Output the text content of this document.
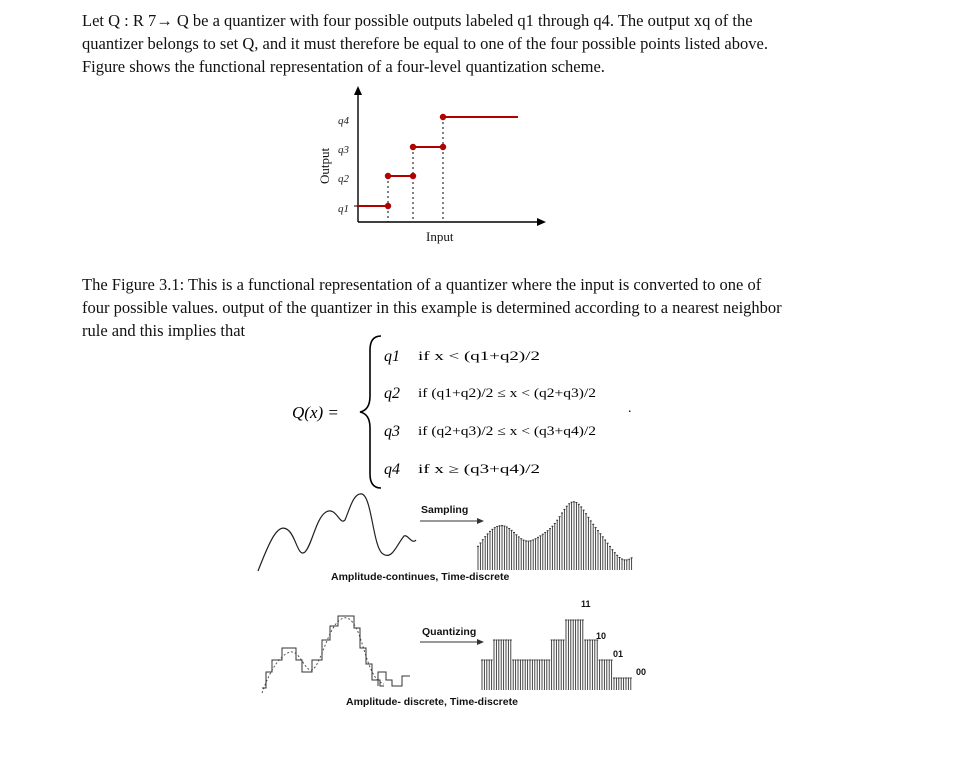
Let Q : R 7→ Q be a quantizer with four possible outputs labeled q1 through q4. The output xq of the
quantizer belongs to set Q, and it must therefore be equal to one of the four possible points listed above.
Figure shows the functional representation of a four-level quantization scheme.

q4
q3
q2
q1
Output
Input

The Figure 3.1: This is a functional representation of a quantizer where the input is converted to one of
four possible values. output of the quantizer in this example is determined according to a nearest neighbor
rule and this implies that

Q(x) =
q1
q2
q3
q4
if x < (q1+q2)/2
if (q1+q2)/2 ≤ x < (q2+q3)/2
if (q2+q3)/2 ≤ x < (q3+q4)/2
if x ≥ (q3+q4)/2
.
Sampling
Amplitude-continues, Time-discrete
Quantizing
11
10
01
00
Amplitude- discrete, Time-discrete
